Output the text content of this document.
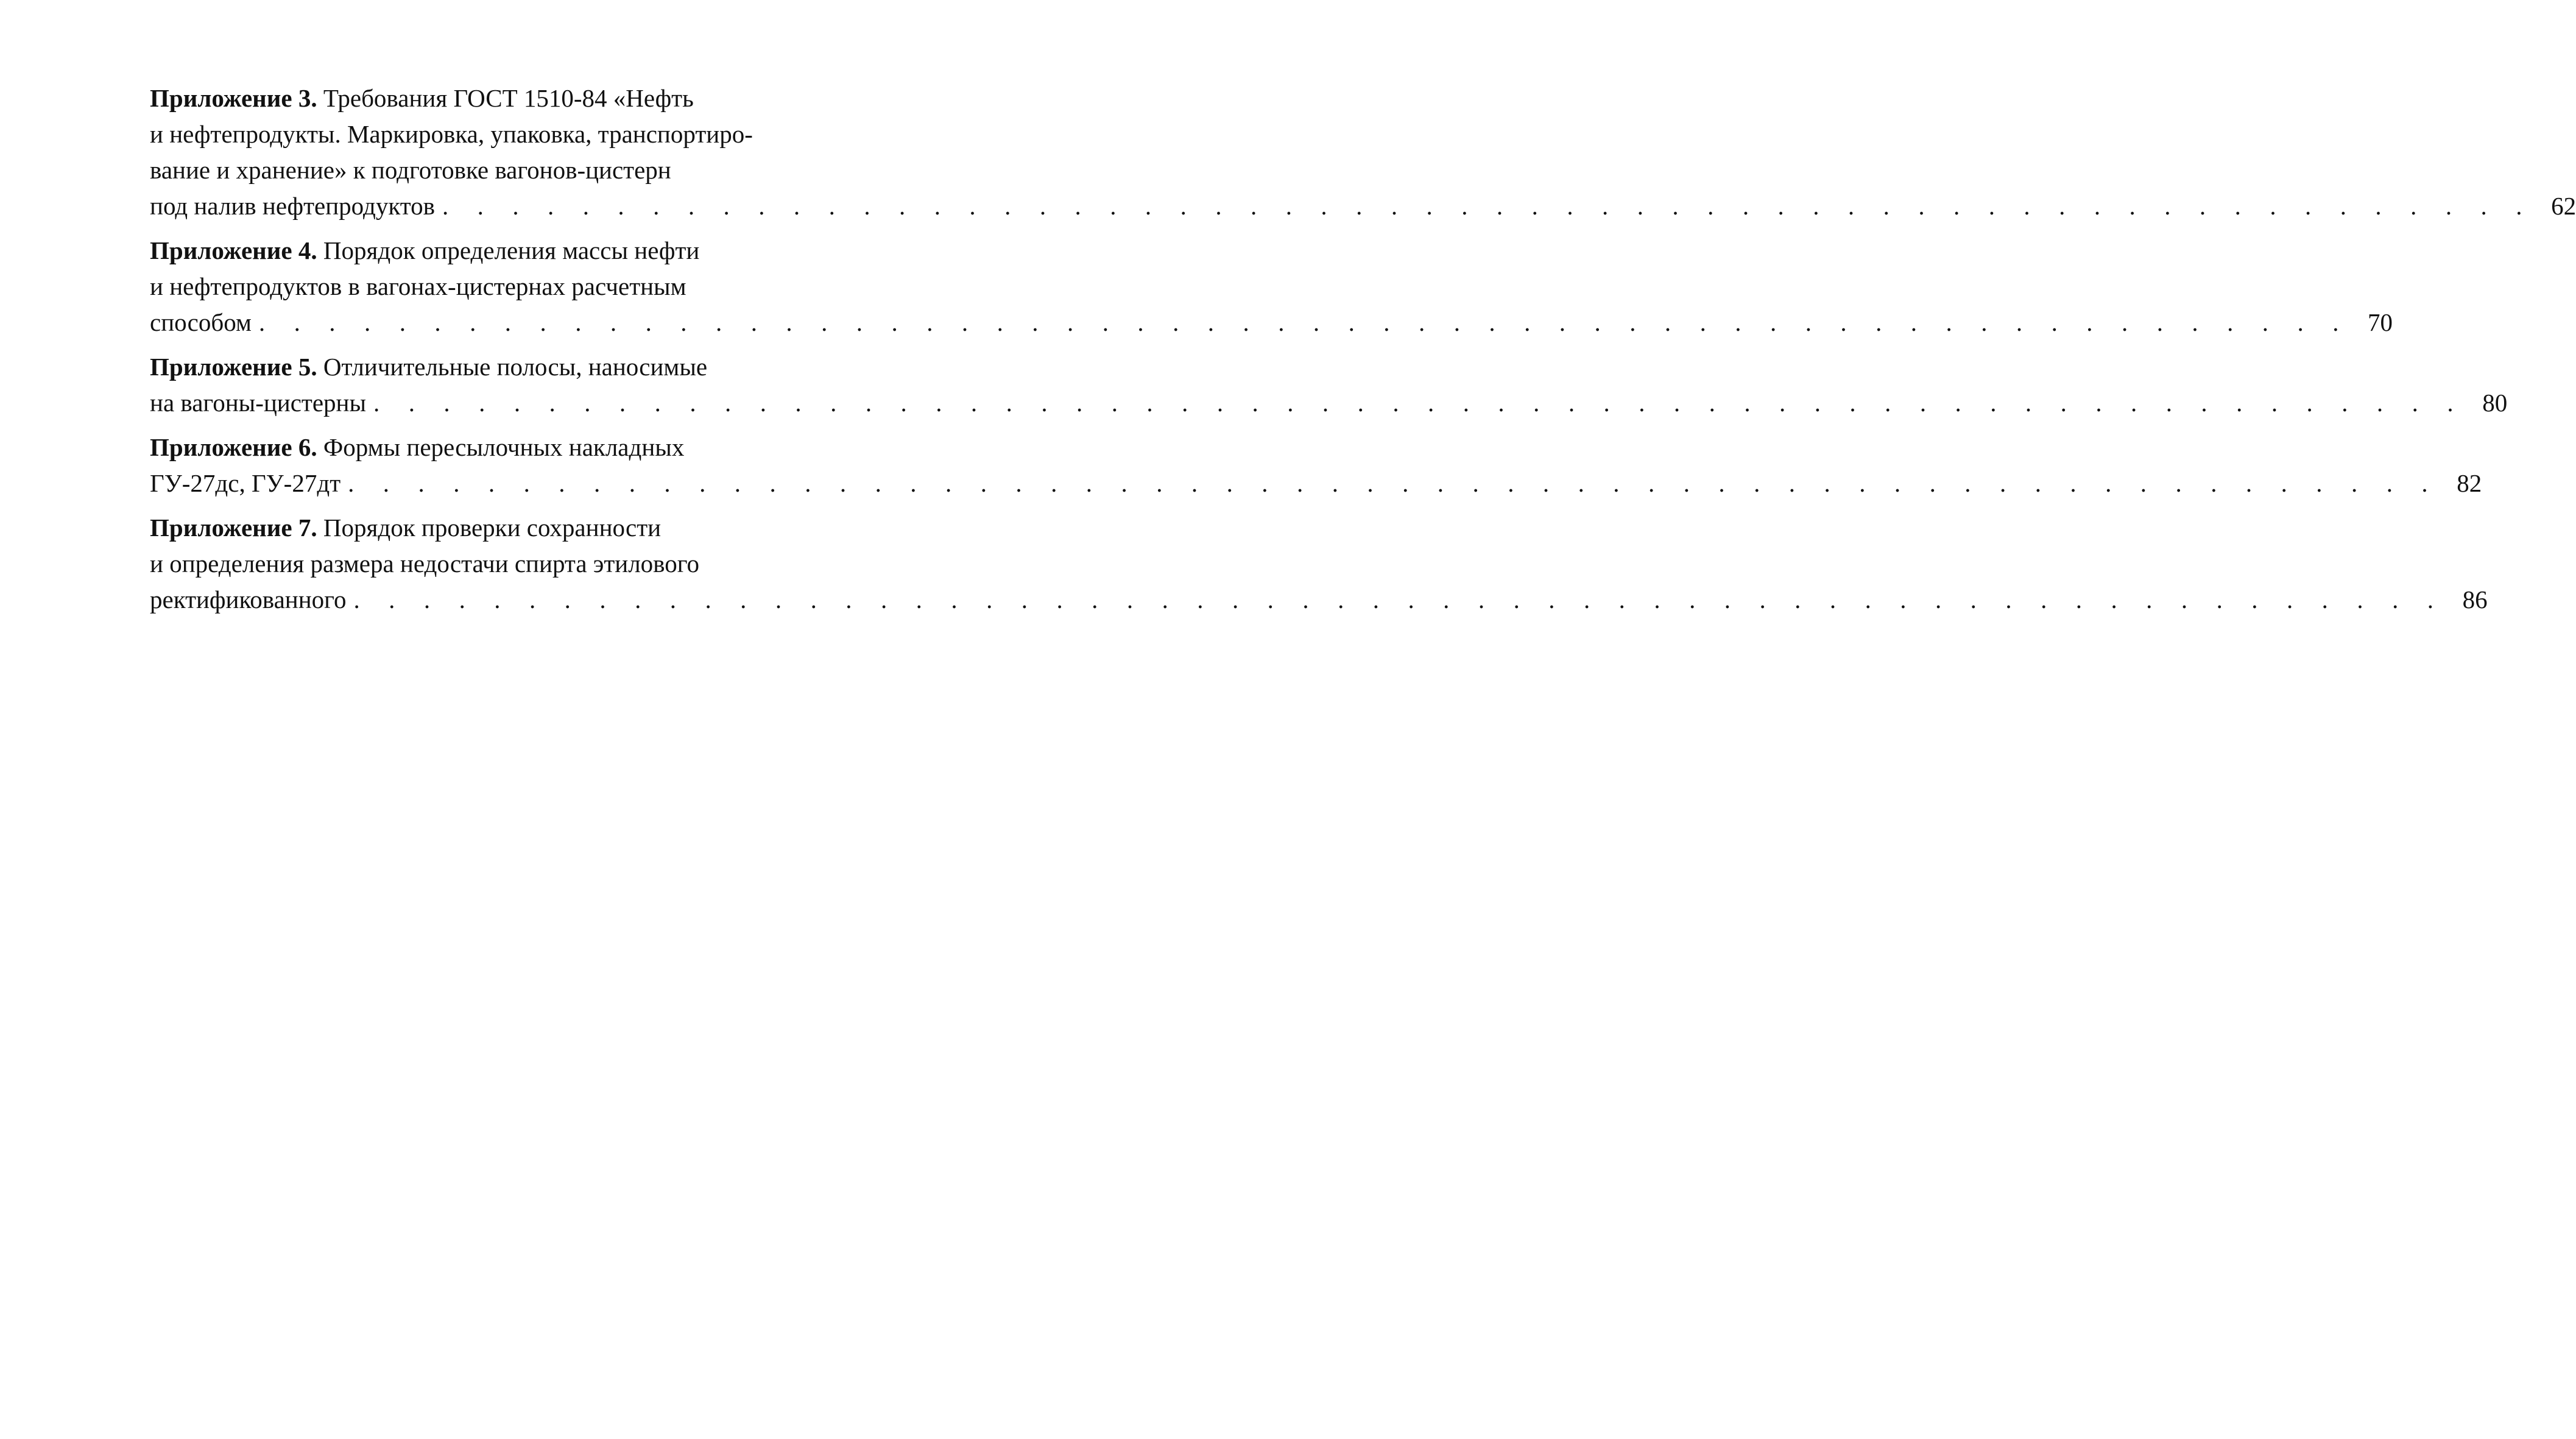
Приложение 3. Требования ГОСТ 1510-84 «Нефть
и нефтепродукты. Маркировка, упаковка, транспортиро-
вание и хранение» к подготовке вагонов-цистерн
под налив нефтепродуктов . . . . . . . . . . . . . . . . . . . . . . . . . . . . . . . . . . . . . . . . . . . . . . . . . . . . . . . . . . . . 62
Приложение 4. Порядок определения массы нефти
и нефтепродуктов в вагонах-цистернах расчетным
способом . . . . . . . . . . . . . . . . . . . . . . . . . . . . . . . . . . . . . . . . . . . . . . . . . . . . . . . . . . . . 70
Приложение 5. Отличительные полосы, наносимые
на вагоны-цистерны . . . . . . . . . . . . . . . . . . . . . . . . . . . . . . . . . . . . . . . . . . . . . . . . . . . . . . . . . . . . 80
Приложение 6. Формы пересылочных накладных
ГУ-27дс, ГУ-27дт . . . . . . . . . . . . . . . . . . . . . . . . . . . . . . . . . . . . . . . . . . . . . . . . . . . . . . . . . . . . 82
Приложение 7. Порядок проверки сохранности
и определения размера недостачи спирта этилового
ректификованного . . . . . . . . . . . . . . . . . . . . . . . . . . . . . . . . . . . . . . . . . . . . . . . . . . . . . . . . . . . . 86
